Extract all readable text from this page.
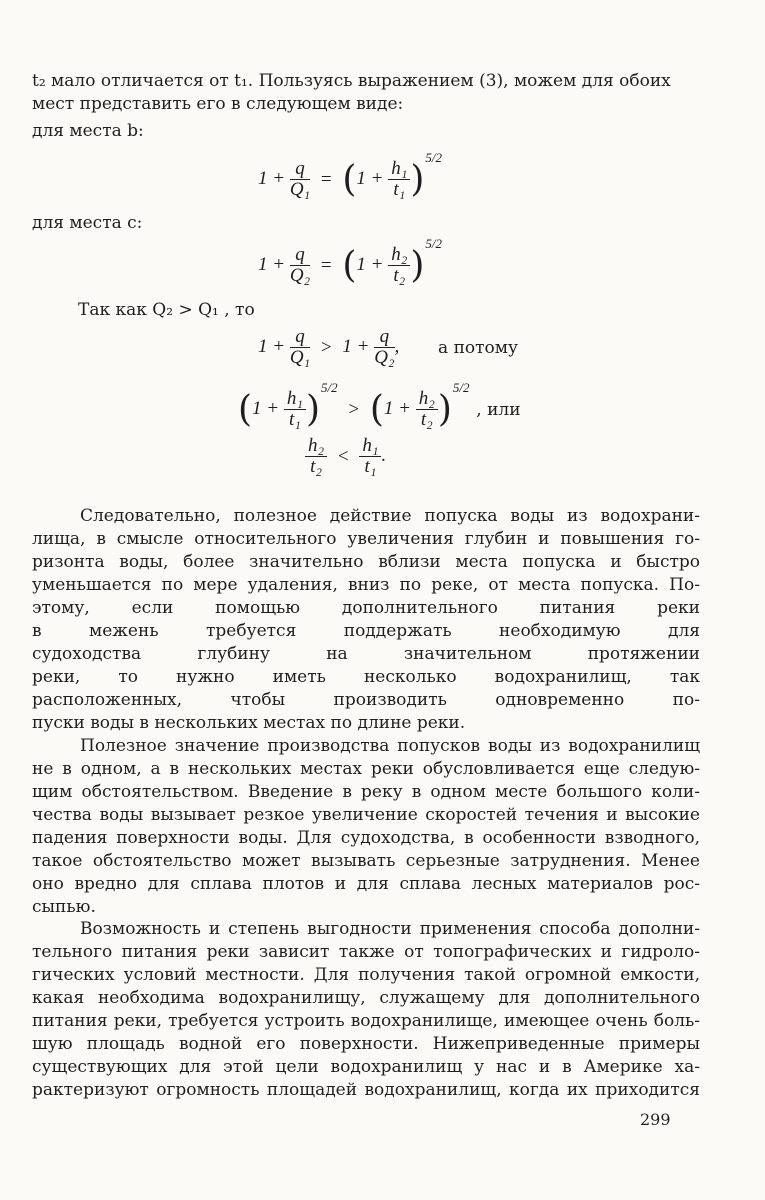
t₂ мало отличается от t₁. Пользуясь выражением (3), можем для обоих
мест представить его в следующем виде:
для места b:
$1 + \frac{q}{\text{Q₁}} = (1 + \frac{\text{h₁}}{\text{t₁}} )^{5/2}$
для места c:
$1 + \frac{q}{\text{Q₂}} = (1 + \frac{\text{h₂}}{\text{t₂}} )^{5/2}$
Так как Q₂ > Q₁ , то
$1 + \frac{q}{\text{Q₁}} > 1 + \frac{q}{\text{Q₂}}$ , а потому
$(1 + \frac{\text{h₁}}{\text{t₁}} )^{5/2} > (1 + \frac{\text{h₂}}{\text{t₂}} )^{5/2}$ , или
$\frac{\text{h₂}}{\text{t₂}} < \frac{\text{h₁}}{\text{t₁}}$ .

Следовательно, полезное действие попуска воды из водохрани-

лища, в смысле относительного увеличения глубин и повышения го-

ризонта воды, более значительно вблизи места попуска и быстро

уменьшается по мере удаления, вниз по реке, от места попуска. По-

этому, если помощью дополнительного питания реки

в межень требуется поддержать необходимую для

судоходства глубину на значительном протяжении

реки, то нужно иметь несколько водохранилищ, так

расположенных, чтобы производить одновременно по-

пуски воды в нескольких местах по длине реки.

Полезное значение производства попусков воды из водохранилищ

не в одном, а в нескольких местах реки обусловливается еще следую-

щим обстоятельством. Введение в реку в одном месте большого коли-

чества воды вызывает резкое увеличение скоростей течения и высокие

падения поверхности воды. Для судоходства, в особенности взводного,

такое обстоятельство может вызывать серьезные затруднения. Менее

оно вредно для сплава плотов и для сплава лесных материалов рос-

сыпью.

Возможность и степень выгодности применения способа дополни-

тельного питания реки зависит также от топографических и гидроло-

гических условий местности. Для получения такой огромной емкости,

какая необходима водохранилищу, служащему для дополнительного

питания реки, требуется устроить водохранилище, имеющее очень боль-

шую площадь водной его поверхности. Нижеприведенные примеры

существующих для этой цели водохранилищ у нас и в Америке ха-

рактеризуют огромность площадей водохранилищ, когда их приходится

299
